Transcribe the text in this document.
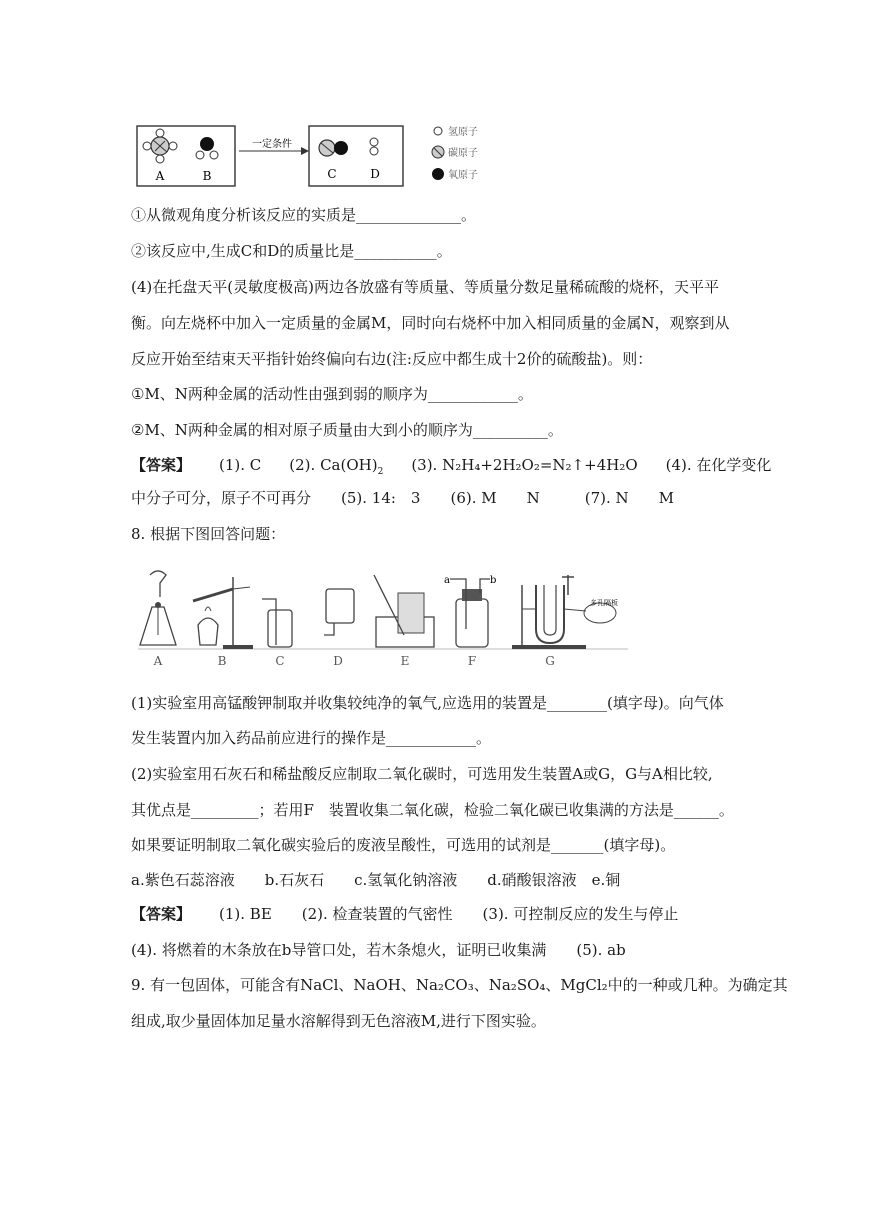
A	B
一定条件
C	D
氢原子
碳原子
氧原子
①从微观角度分析该反应的实质是______________。
②该反应中,生成C和D的质量比是___________。
(4)在托盘天平(灵敏度极高)两边各放盛有等质量、等质量分数足量稀硫酸的烧杯，天平平
衡。向左烧杯中加入一定质量的金属M，同时向右烧杯中加入相同质量的金属N，观察到从
反应开始至结束天平指针始终偏向右边(注:反应中都生成十2价的硫酸盐)。则：
①M、N两种金属的活动性由强到弱的顺序为____________。
②M、N两种金属的相对原子质量由大到小的顺序为__________。
【答案】 (1). C (2). $Ca(OH)_2$ (3). N₂H₄+2H₂O₂=N₂↑+4H₂O (4). 在化学变化
中分子可分，原子不可再分　　(5). 14:　3　　(6). M　　N　　　(7). N　　M
8. 根据下图回答问题：
a	b
多孔隔板
A	B	C	D	E	F	G
(1)实验室用高锰酸钾制取并收集较纯净的氧气,应选用的装置是________(填字母)。向气体
发生装置内加入药品前应进行的操作是____________。
(2)实验室用石灰石和稀盐酸反应制取二氧化碳时，可选用发生装置A或G，G与A相比较,
其优点是_________；若用F　装置收集二氧化碳，检验二氧化碳已收集满的方法是______。
如果要证明制取二氧化碳实验后的废液呈酸性，可选用的试剂是_______(填字母)。
a.紫色石蕊溶液　　b.石灰石　　c.氢氧化钠溶液　　d.硝酸银溶液　e.铜
【答案】 (1). BE　　(2). 检查装置的气密性　　(3). 可控制反应的发生与停止
(4). 将燃着的木条放在b导管口处，若木条熄火，证明已收集满　　(5). ab
9. 有一包固体，可能含有NaCl、NaOH、Na₂CO₃、Na₂SO₄、MgCl₂中的一种或几种。为确定其
组成,取少量固体加足量水溶解得到无色溶液M,进行下图实验。
